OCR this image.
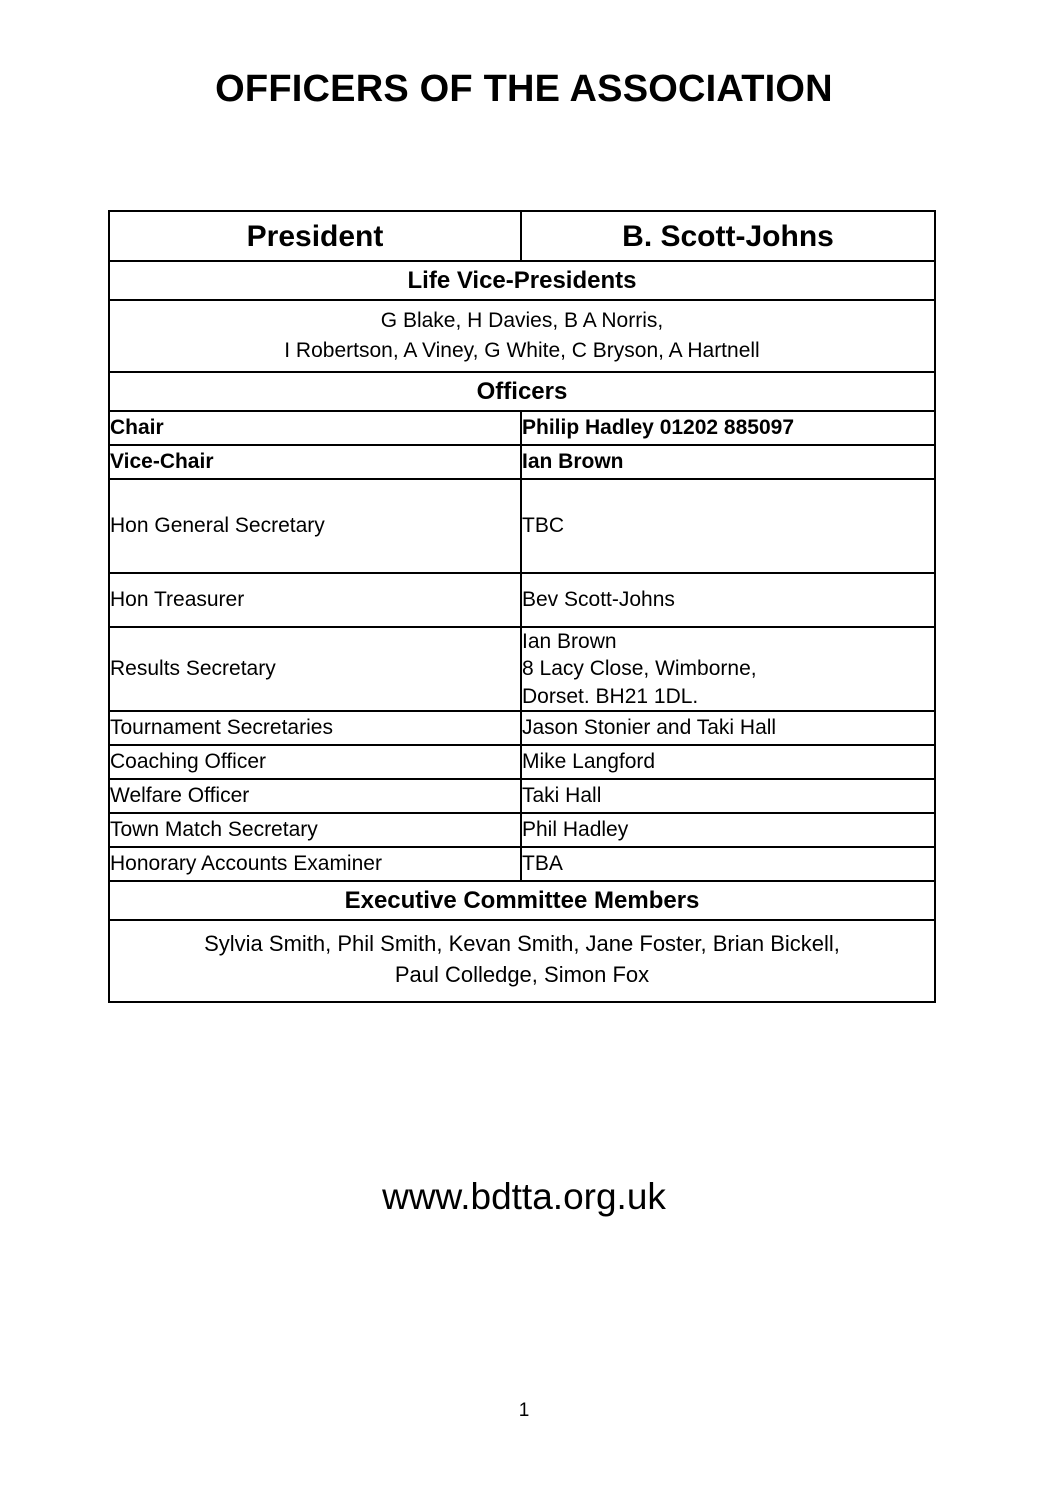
OFFICERS OF THE ASSOCIATION
President	B. Scott-Johns
Life Vice-Presidents	

G Blake, H Davies, B A Norris,
I Robertson, A Viney, G White, C Bryson, A Hartnell	

Officers	
Chair	Philip Hadley 01202 885097
Vice-Chair	Ian Brown
Hon General Secretary	TBC
Hon Treasurer	Bev Scott-Johns
Results Secretary	Ian Brown
8 Lacy Close, Wimborne,
Dorset. BH21 1DL.

Tournament Secretaries	Jason Stonier and Taki Hall
Coaching Officer	Mike Langford
Welfare Officer	Taki Hall
Town Match Secretary	Phil Hadley
Honorary Accounts Examiner	TBA
Executive Committee Members	

Sylvia Smith, Phil Smith, Kevan Smith, Jane Foster, Brian Bickell,
Paul Colledge, Simon Fox	
www.bdtta.org.uk
1
